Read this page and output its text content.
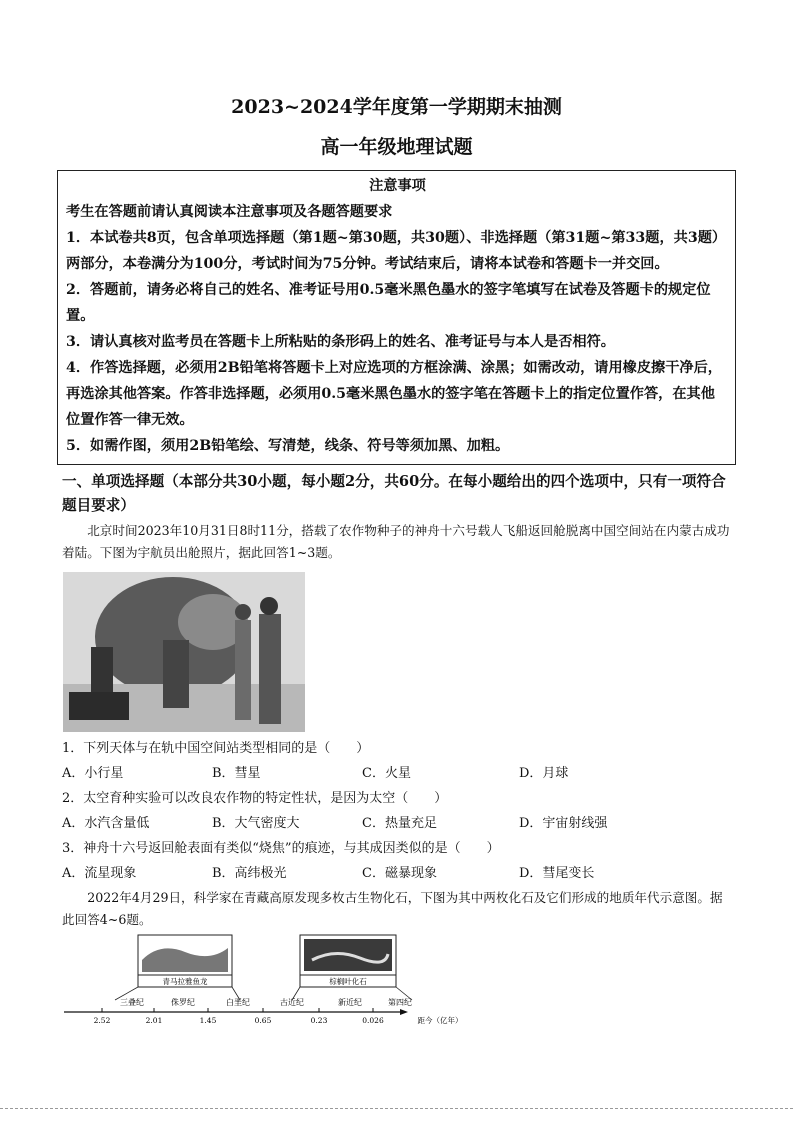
2023~2024学年度第一学期期末抽测
高一年级地理试题

注意事项

考生在答题前请认真阅读本注意事项及各题答题要求

1．本试卷共8页，包含单项选择题（第1题~第30题，共30题）、非选择题（第31题~第33题，共3题）两部分，本卷满分为100分，考试时间为75分钟。考试结束后，请将本试卷和答题卡一并交回。

2．答题前，请务必将自己的姓名、准考证号用0.5毫米黑色墨水的签字笔填写在试卷及答题卡的规定位置。

3．请认真核对监考员在答题卡上所粘贴的条形码上的姓名、准考证号与本人是否相符。

4．作答选择题，必须用2B铅笔将答题卡上对应选项的方框涂满、涂黑；如需改动，请用橡皮擦干净后，再选涂其他答案。作答非选择题，必须用0.5毫米黑色墨水的签字笔在答题卡上的指定位置作答，在其他位置作答一律无效。

5．如需作图，须用2B铅笔绘、写清楚，线条、符号等须加黑、加粗。

一、单项选择题（本部分共30小题，每小题2分，共60分。在每小题给出的四个选项中，只有一项符合题目要求）
北京时间2023年10月31日8时11分，搭载了农作物种子的神舟十六号载人飞船返回舱脱离中国空间站在内蒙古成功着陆。下图为宇航员出舱照片，据此回答1~3题。
1．下列天体与在轨中国空间站类型相同的是（　　）
A．小行星	B．彗星	C．火星	D．月球
2．太空育种实验可以改良农作物的特定性状，是因为太空（　　）
A．水汽含量低	B．大气密度大	C．热量充足	D．宇宙射线强
3．神舟十六号返回舱表面有类似“烧焦”的痕迹，与其成因类似的是（　　）
A．流星现象	B．高纬极光	C．磁暴现象	D．彗尾变长
2022年4月29日，科学家在青藏高原发现多枚古生物化石，下图为其中两枚化石及它们形成的地质年代示意图。据此回答4~6题。
青马拉雅鱼龙	棕榈叶化石
三叠纪	侏罗纪	白垩纪	古近纪	新近纪	第四纪
2.52	2.01	1.45	0.65	0.23	0.026	距今（亿年）
